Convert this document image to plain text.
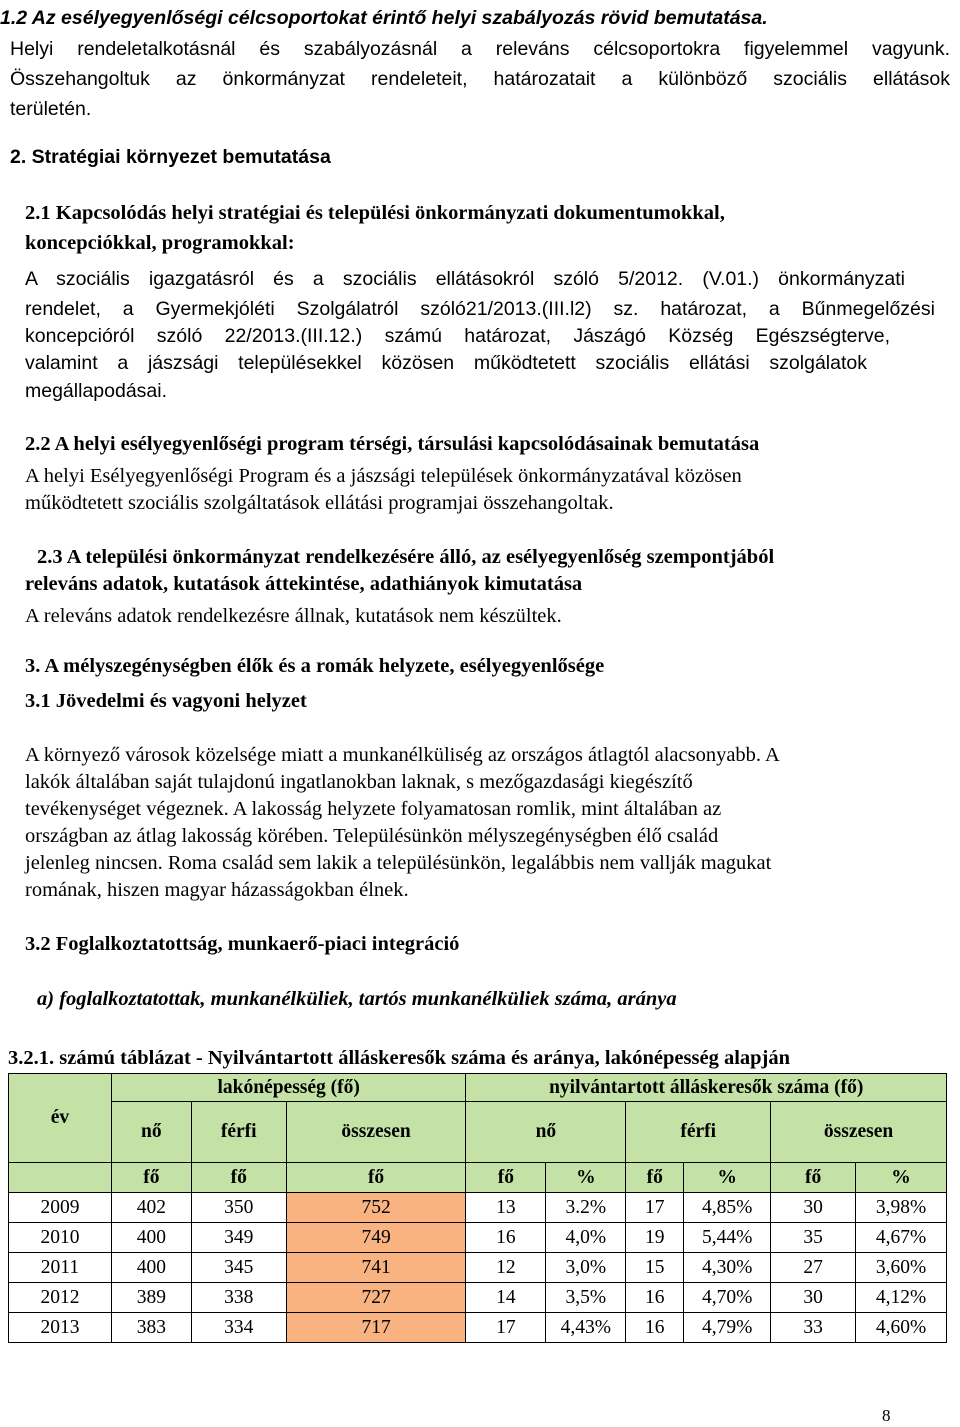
1.2 Az esélyegyenlőségi célcsoportokat érintő helyi szabályozás rövid bemutatása.
Helyi rendeletalkotásnál és szabályozásnál a releváns célcsoportokra figyelemmel vagyunk.
Összehangoltuk az önkormányzat rendeleteit, határozatait a különböző szociális ellátások
területén.
2. Stratégiai környezet bemutatása
2.1 Kapcsolódás helyi stratégiai és települési önkormányzati dokumentumokkal,
koncepciókkal, programokkal:
A szociális igazgatásról és a szociális ellátásokról szóló 5/2012. (V.01.) önkormányzati
rendelet, a Gyermekjóléti Szolgálatról szóló21/2013.(III.l2) sz. határozat, a Bűnmegelőzési
koncepcióról szóló 22/2013.(III.12.) számú határozat, Jászágó Község Egészségterve,
valamint a jászsági településekkel közösen működtetett szociális ellátási szolgálatok
megállapodásai.
2.2 A helyi esélyegyenlőségi program térségi, társulási kapcsolódásainak bemutatása
A helyi Esélyegyenlőségi Program és a jászsági települések önkormányzatával közösen
működtetett szociális szolgáltatások ellátási programjai összehangoltak.
2.3 A települési önkormányzat rendelkezésére álló, az esélyegyenlőség szempontjából
releváns adatok, kutatások áttekintése, adathiányok kimutatása
A releváns adatok rendelkezésre állnak, kutatások nem készültek.
3. A mélyszegénységben élők és a romák helyzete, esélyegyenlősége
3.1 Jövedelmi és vagyoni helyzet
A környező városok közelsége miatt a munkanélküliség az országos átlagtól alacsonyabb. A
lakók általában saját tulajdonú ingatlanokban laknak, s mezőgazdasági kiegészítő
tevékenységet végeznek. A lakosság helyzete folyamatosan romlik, mint általában az
országban az átlag lakosság körében. Településünkön mélyszegénységben élő család
jelenleg nincsen. Roma család sem lakik a településünkön, legalábbis nem vallják magukat
romának, hiszen magyar házasságokban élnek.
3.2 Foglalkoztatottság, munkaerő-piaci integráció
a) foglalkoztatottak, munkanélküliek, tartós munkanélküliek száma, aránya
3.2.1. számú táblázat - Nyilvántartott álláskeresők száma és aránya, lakónépesség alapján
év	lakónépesség (fő)			nyilvántartott álláskeresők száma (fő)					
	nő	férfi	összesen	nő		férfi		összesen	
	fő	fő	fő	fő	%	fő	%	fő	%
2009	402	350	752	13	3.2%	17	4,85%	30	3,98%
2010	400	349	749	16	4,0%	19	5,44%	35	4,67%
2011	400	345	741	12	3,0%	15	4,30%	27	3,60%
2012	389	338	727	14	3,5%	16	4,70%	30	4,12%
2013	383	334	717	17	4,43%	16	4,79%	33	4,60%
8
